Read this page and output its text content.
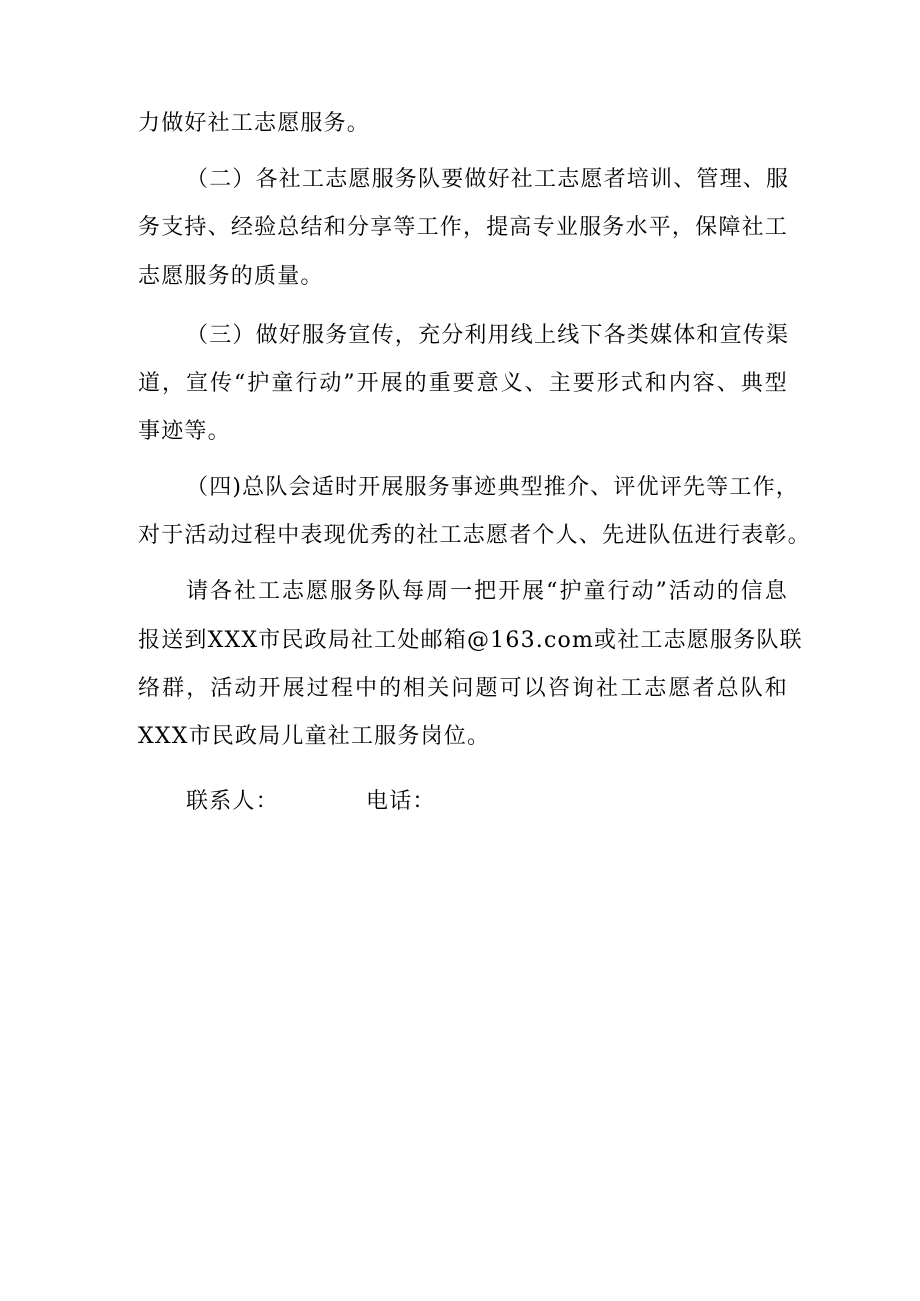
力做好社工志愿服务。
（二）各社工志愿服务队要做好社工志愿者培训、管理、服
务支持、经验总结和分享等工作，提高专业服务水平，保障社工
志愿服务的质量。
（三）做好服务宣传，充分利用线上线下各类媒体和宣传渠
道，宣传“护童行动”开展的重要意义、主要形式和内容、典型
事迹等。
（四)总队会适时开展服务事迹典型推介、评优评先等工作，
对于活动过程中表现优秀的社工志愿者个人、先进队伍进行表彰。
请各社工志愿服务队每周一把开展“护童行动”活动的信息
报送到XXX市民政局社工处邮箱@163.com或社工志愿服务队联
络群，活动开展过程中的相关问题可以咨询社工志愿者总队和
XXX市民政局儿童社工服务岗位。
联系人：	电话：
